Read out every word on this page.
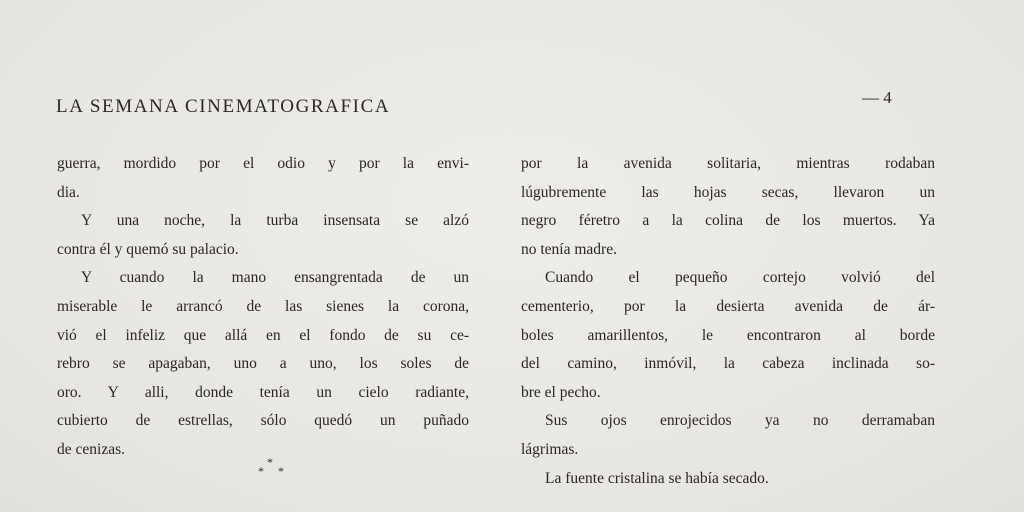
LA SEMANA CINEMATOGRAFICA	— 4
guerra, mordido por el odio y por la envi-
dia.
Y una noche, la turba insensata se alzó
contra él y quemó su palacio.
Y cuando la mano ensangrentada de un
miserable le arrancó de las sienes la corona,
vió el infeliz que allá en el fondo de su ce-
rebro se apagaban, uno a uno, los soles de
oro. Y alli, donde tenía un cielo radiante,
cubierto de estrellas, sólo quedó un puñado
de cenizas.
*
* *
por la avenida solitaria, mientras rodaban
lúgubremente las hojas secas, llevaron un
negro féretro a la colina de los muertos. Ya
no tenía madre.
Cuando el pequeño cortejo volvió del
cementerio, por la desierta avenida de ár-
boles amarillentos, le encontraron al borde
del camino, inmóvil, la cabeza inclinada so-
bre el pecho.
Sus ojos enrojecidos ya no derramaban
lágrimas.
La fuente cristalina se había secado.
